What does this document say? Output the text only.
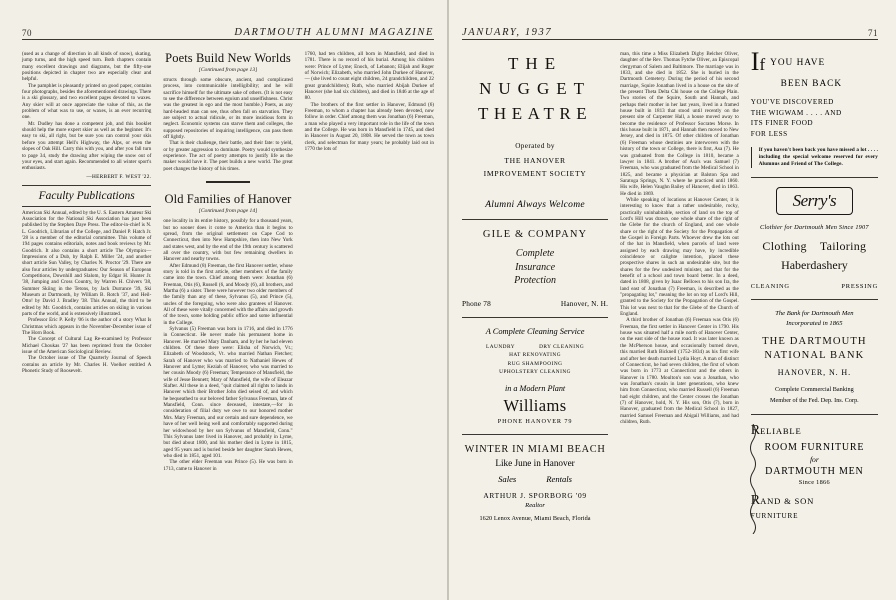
70	DARTMOUTH ALUMNI MAGAZINE

(used as a change of direction in all kinds of snow), skating, jump turns, and the high speed turn. Both chapters contain many excellent drawings and diagrams, but the fifty-one positions depicted in chapter two are especially clear and helpful.

The pamphlet is pleasantly printed on good paper, contains four photographs, besides the aforementioned drawings. There is a ski glossary, and two excellent pages devoted to waxes. Any skier will at once appreciate the value of this, as the problem of what wax to use, or waxes, is an ever recurring one.

Mr. Dudley has done a competent job, and this booklet should help the more expert skier as well as the beginner. It's easy to ski, all right, but be sure you can control your skis before you attempt Hell's Highway, the Alps, or even the slopes of Oak Hill. Carry this with you, and after you fall turn to page 34, study the drawing after wiping the snow out of your eyes, and start again. Recommended to all winter sport's enthusiasts.

—HERBERT F. WEST '22.
Faculty Publications

American Ski Annual, edited by the U. S. Eastern Amateur Ski Association for the National Ski Association has just been published by the Stephen Daye Press. The editor-in-chief is N. L. Goodrich, Librarian of the College, and Daniel P. Hatch Jr. '28 is a member of the editorial committee. This volume of 194 pages contains editorials, notes and book reviews by Mr. Goodrich. It also contains a short article The Olympics—Impressions of a Dub, by Ralph E. Miller '24, and another short article Sun Valley, by Charles N. Proctor '29. There are also four articles by undergraduates: Our Season of European Competitions, Downhill and Slalom, by Edgar H. Hunter Jr. '38, Jumping and Cross Country, by Warren H. Chivers '38, Summer Skiing in the Tetons, by Jack Durrance '39, Ski Museum at Dartmouth, by William B. Rotch '37, and Heil-Otto! by David J. Bradley '38. This Annual, the third to be edited by Mr. Goodrich, contains articles on skiing in various parts of the world, and is extensively illustrated.

Professor Eric P. Kelly '06 is the author of a story What Is Christmas which appears in the November-December issue of The Horn Book.

The Concept of Cultural Lag Re-examined by Professor Michael Choukas '27 has been reprinted from the October issue of the American Sociological Review.

The October issue of The Quarterly Journal of Speech contains an article by Mr. Charles H. Voelker entitled A Phonetic Study of Roosevelt.

Poets Build New Worlds
[Continued from page 13]

structs through some obscure, ancient, and complicated process, into communicable intelligibility; and he will sacrifice himself for the ultimate sake of others. (It is not easy to see the difference between egoism and unselfishness. Christ was the greatest in ego and the most humble.) Poets, as any hard-headed man can see, thus often fall on starvation. They are subject to actual ridicule, or its more insidious form in neglect. Economic systems can starve them and colleges, the supposed repositories of inquiring intelligence, can pass them off lightly.

That is their challenge, their battle, and their fate: to yield, or by greater aggression to dominate. Poetry would synthesize experience. The act of poetry attempts to justify life as the maker would have it. The poet builds a new world. The great poet changes the history of his times.

Old Families of Hanover
[Continued from page 14]

one locality in its entire history, possibly for a thousand years, but no sooner does it come to America than it begins to spread, from the original settlement on Cape Cod to Connecticut, then into New Hampshire, then into New York and states west, and by the end of the 19th century is scattered all over the country, with but few remaining dwellers in Hanover and nearby towns.

After Edmund (8) Freeman, the first Hanover settler, whose story is told in the first article, other members of the family came into the town. Chief among them were: Jonathan (6) Freeman, Otis (6), Russell (6, and Moody (6), all brothers, and Martha (6) a sister. There were however two older members of the family than any of these, Sylvanus (5), and Prince (5), uncles of the foregoing, who were also grantees of Hanover. All of these were vitally concerned with the affairs and growth of the town, some holding public office and some influential in the College.

Sylvanus (5) Freeman was born in 1716, and died in 1776 in Connecticut. He never made his permanent home in Hanover. He married Mary Danham, and by her he had eleven children. Of these there were: Elisha of Norwich, Vt.; Elizabeth of Woodstock, Vt. who married Nathan Fletcher; Sarah of Hanover who was married to Nathaniel Hewes of Hanover and Lyme; Keziah of Hanover, who was married to her cousin Moody (6) Freeman; Temperance of Mansfield, the wife of Jesse Bennett; Mary of Mansfield, the wife of Eleazar Slafter. All these in a deed, "quit claimed all rights to lands in Hanover which their Brother John died seised of, and which he bequeathed to our beloved father Sylvanus Freeman, late of Mansfield, Conn. since deceased, intestate,—for in consideration of filial duty we owe to our honored mother Mrs. Mary Freeman, and our certain and sure dependence, we have of her well being well and comfortably supported during her widowhood by her son Sylvanus of Mansfield, Conn." This Sylvanus later lived in Hanover, and probably in Lyme, but died about 1800, and his mother died in Lyme in 1815, aged 95 years and is buried beside her daughter Sarah Hewes, who died in 1851, aged 101.

The other elder Freeman was Prince (5). He was born in 1713, came to Hanover in

1760, had ten children, all born in Mansfield, and died in 1781. There is no record of his burial. Among his children were: Prince of Lyme; Enoch, of Lebanon; Elijah and Roger of Norwich; Elizabeth, who married John Durkee of Hanover,— (she lived to count eight children, 24 grandchildren, and 22 great grandchildren); Ruth, who married Abijah Durkee of Hanover (she had six children), and died in 1846 at the age of 80.

The brothers of the first settler in Hanover, Edmund (6) Freeman, to whom a chapter has already been devoted, now follow in order. Chief among them was Jonathan (6) Freeman, a man who played a very important role in the life of the town and the College. He was born in Mansfield in 1745, and died in Hanover in August 20, 1808. He served the town as town clerk, and selectman for many years; he probably laid out in 1770 the lots of

JANUARY, 1937	71
THE
NUGGET
THEATRE
Operated by
THE HANOVER
IMPROVEMENT SOCIETY
Alumni Always Welcome
GILE & COMPANY
Complete
Insurance
Protection
Phone 78	Hanover, N. H.
A Complete Cleaning Service
LAUNDRY	DRY CLEANING
HAT RENOVATING
RUG SHAMPOOING
UPHOLSTERY CLEANING
in a Modern Plant
Williams
PHONE HANOVER 79
WINTER IN MIAMI BEACH
Like June in Hanover
Sales	Rentals
ARTHUR J. SPORBORG '09
Realtor
1620 Lenox Avenue, Miami Beach, Florida

man, this time a Miss Elizabeth Digby Belcher Oliver, daughter of the Rev. Thomas Fytche Oliver, an Episcopal clergyman of Salem and Baltimore. The marriage was in 1833, and she died in 1852. She is buried in the Dartmouth Cemetery. During the period of his second marriage, Squire Jonathan lived in a house on the site of the present Theta Delta Chi house on the College Plain. Two stories of the Squire, South and Hannah, and perhaps their mother in her last years, lived in a framed house built in 1813 that stood until recently on the present site of Carpenter Hall, a house moved away to become the residence of Professor Socrates Morse. In this house built in 1871, and Hannah then moved to New Jersey, and died in 1875. Of other children of Jonathan (6) Freeman whose destinies are interwoven with the history of the town or College, there is first, Asa (7). He was graduated from the College in 1810, became a lawyer in 1841. A brother of Asa's was Samuel (7) Freeman, who was graduated from the Medical School in 1825, and became a physician at Balston Spa and Saratoga Springs, N. Y. where he practiced until 1860. His wife, Helen Vaughn Bailey of Hanover, died in 1863. He died in 1869.

While speaking of locations at Hanover Center, it is interesting to know that a rather undesirable, rocky, practically uninhabitable, section of land on the top of Lord's Hill was drawn, one whole share of the right of the Glebe for the church of England, and one whole share or the right of the Society for the Propagation of the Gospel in Foreign Parts. Whoever drew the lots out of the hat in Mansfield, when parcels of land were assigned by each drawing may have, by incredible coincidence or calighte intention, placed these prospective shares in such an undesirable site, but the shares for the few undesired minister, and that for the benefit of a school and town board better. In a deed, dated in 1808, given by Isaac Bellows to his son Ira, the land east of Jonathan (7) Freeman, is described as the "propagating lot," meaning the lot on top of Lord's Hill, granted to the Society for the Propagation of the Gospel. This lot was next to that for the Glebe of the Church of England.

A third brother of Jonathan (6) Freeman was Otis (6) Freeman, the first settler in Hanover Center in 1790. His house was situated half a mile north of Hanover Center, on the east side of the house road. It was later known as the McPherson house, and occasionally burned down, this married Ruth Bicknell (1752-1834) as his first wife and after her death married Lydia Hoyt. A man of distinct of Connecticut, he had seven children, the first of whom was born in 1773 at Connecticut and the others in Hanover in 1780. Moulton's son was a Jonathan, who was Jonathan's cousin in later generations, who knew him from Connecticut, who married Russell (6) Freeman had eight children, and the Center crosses the Jonathan (7) of Hanover, hold, N. Y. His son, Otis (7), born in Hanover, graduated from the Medical School in 1827, married Samuel Freeman and Abigail Williams, and had children, Ruth.

If YOU HAVE
BEEN BACK
YOU'VE DISCOVERED
THE WIGWAM . . . . AND
ITS FINER FOOD
FOR LESS
If you haven't been back you have missed a lot . . . . including the special welcome reserved for every Alumnus and Friend of The College.
Serry's
Clothier for Dartmouth Men Since 1907
Clothing Tailoring
Haberdashery
CLEANING	PRESSING
The Bank for Dartmouth Men
Incorporated in 1865
THE DARTMOUTH
NATIONAL BANK
HANOVER, N. H.
Complete Commercial Banking
Member of the Fed. Dep. Ins. Corp.
R ELIABLE
ROOM FURNITURE
for
DARTMOUTH MEN
Since 1866
R AND & SON
FURNITURE
